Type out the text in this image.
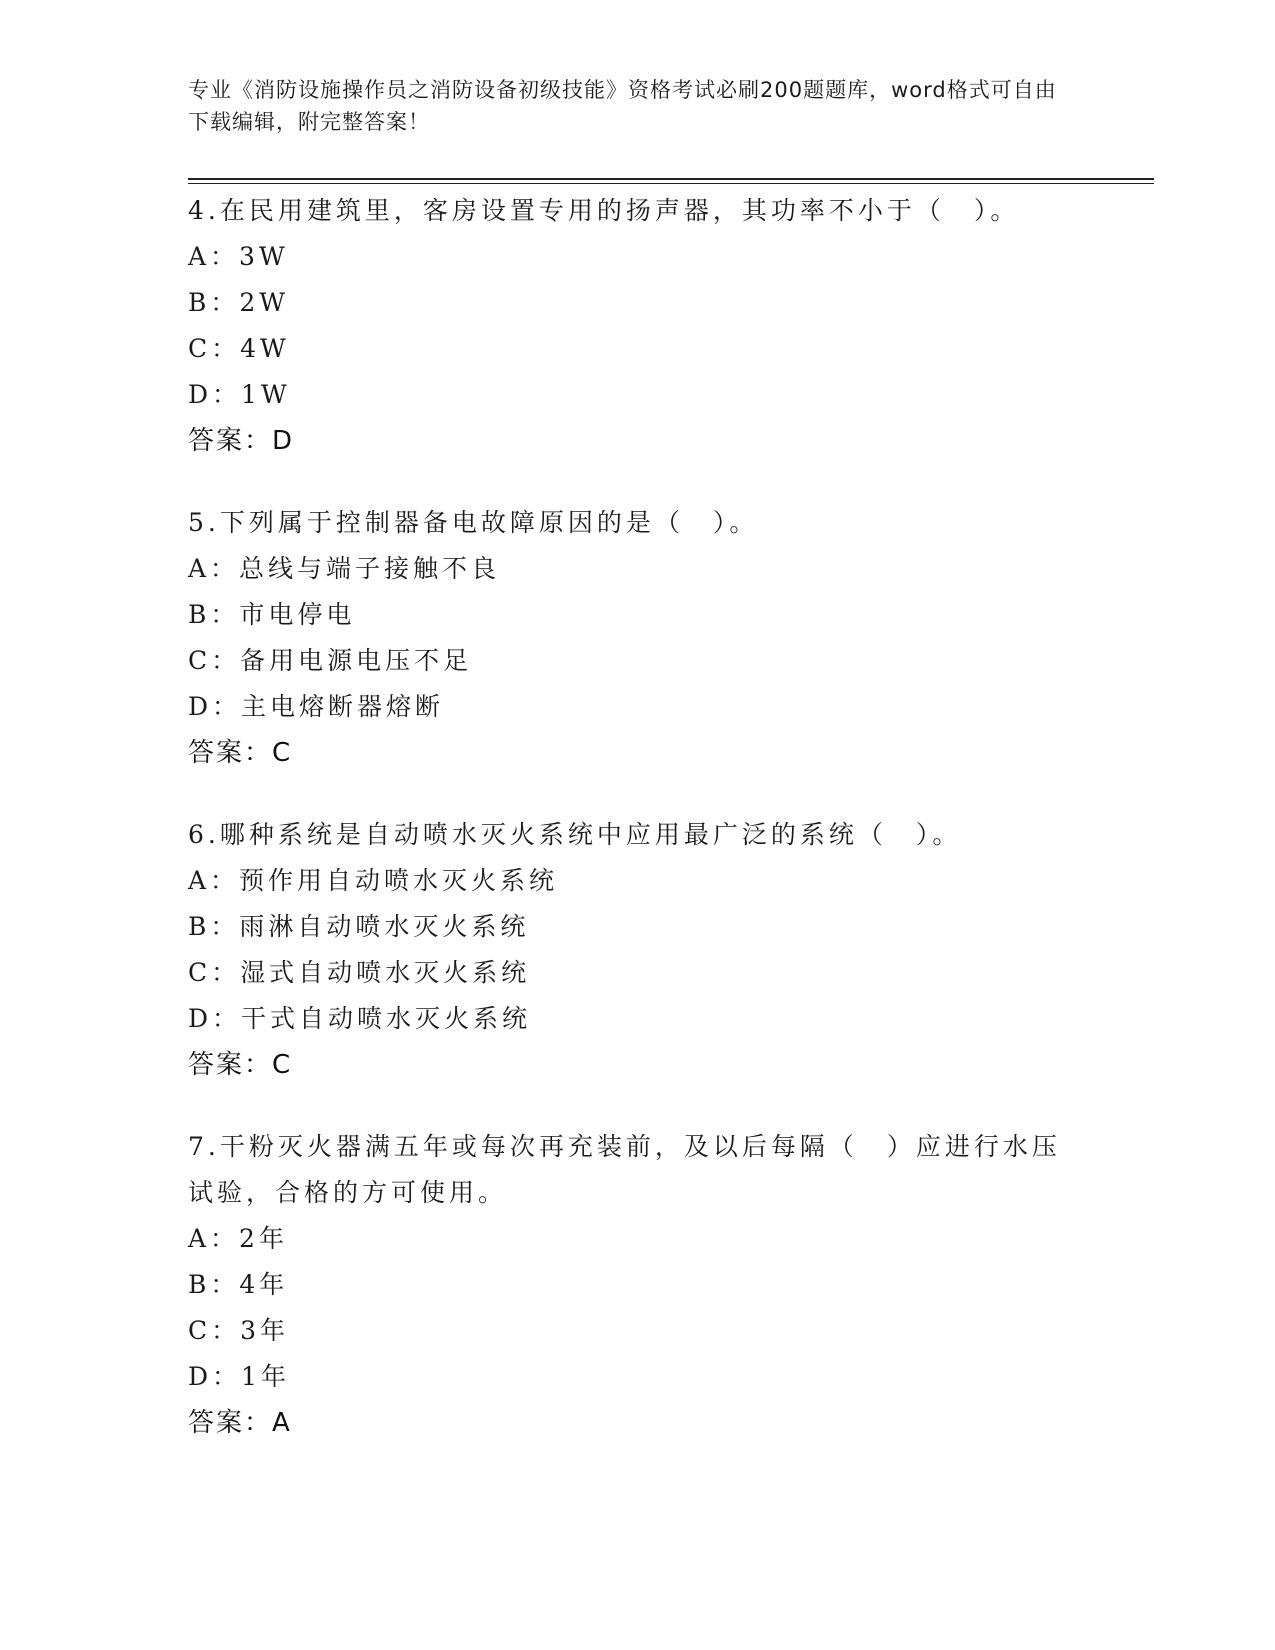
专业《消防设施操作员之消防设备初级技能》资格考试必刷200题题库，word格式可自由下载编辑，附完整答案！

4.在民用建筑里，客房设置专用的扬声器，其功率不小于（　）。

A：3W

B：2W

C：4W

D：1W

答案：D

5.下列属于控制器备电故障原因的是（　）。

A：总线与端子接触不良

B：市电停电

C：备用电源电压不足

D：主电熔断器熔断

答案：C

6.哪种系统是自动喷水灭火系统中应用最广泛的系统（　）。

A：预作用自动喷水灭火系统

B：雨淋自动喷水灭火系统

C：湿式自动喷水灭火系统

D：干式自动喷水灭火系统

答案：C

7.干粉灭火器满五年或每次再充装前，及以后每隔（　）应进行水压试验，合格的方可使用。

A：2年

B：4年

C：3年

D：1年

答案：A
